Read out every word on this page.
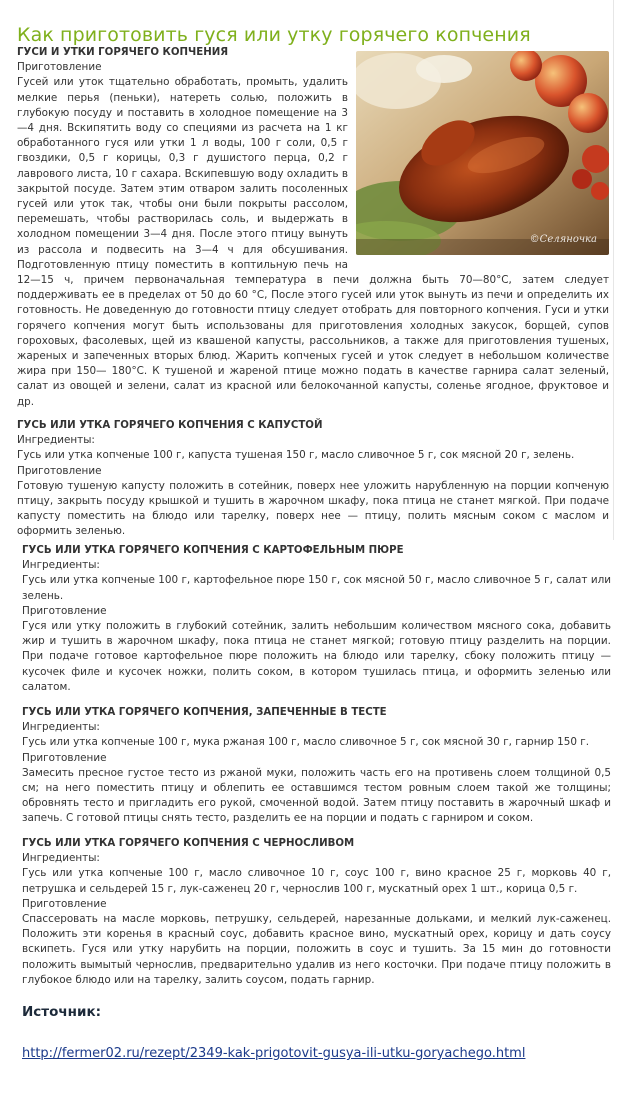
Как приготовить гуся или утку горячего копчения
©Селяночка

ГУСИ И УТКИ ГОРЯЧЕГО КОПЧЕНИЯ

Приготовление

Гусей или уток тщательно обработать, промыть, удалить мелкие перья (пеньки), натереть солью, положить в глубокую посуду и поставить в холодное помещение на 3—4 дня. Вскипятить воду со специями из расчета на 1 кг обработанного гуся или утки 1 л воды, 100 г соли, 0,5 г гвоздики, 0,5 г корицы, 0,3 г душистого перца, 0,2 г лаврового листа, 10 г сахара. Вскипевшую воду охладить в закрытой посуде. Затем этим отваром залить посоленных гусей или уток так, чтобы они были покрыты рассолом, перемешать, чтобы растворилась соль, и выдержать в холодном помещении 3—4 дня. После этого птицу вынуть из рассола и подвесить на 3—4 ч для обсушивания. Подготовленную птицу поместить в коптильную печь на 12—15 ч, причем первоначальная температура в печи должна быть 70—80°С, затем следует поддерживать ее в пределах от 50 до 60 °С, После этого гусей или уток вынуть из печи и определить их готовность. Не доведенную до готовности птицу следует отобрать для повторного копчения. Гуси и утки горячего копчения могут быть использованы для приготовления холодных закусок, борщей, супов гороховых, фасолевых, щей из квашеной капусты, рассольников, а также для приготовления тушеных, жареных и запеченных вторых блюд. Жарить копченых гусей и уток следует в небольшом количестве жира при 150— 180°С. К тушеной и жареной птице можно подать в качестве гарнира салат зеленый, салат из овощей и зелени, салат из красной или белокочанной капусты, соленье ягодное, фруктовое и др.

ГУСЬ ИЛИ УТКА ГОРЯЧЕГО КОПЧЕНИЯ С КАПУСТОЙ

Ингредиенты:

Гусь или утка копченые 100 г, капуста тушеная 150 г, масло сливочное 5 г, сок мясной 20 г, зелень.

Приготовление

Готовую тушеную капусту положить в сотейник, поверх нее уложить нарубленную на порции копченую птицу, закрыть посуду крышкой и тушить в жарочном шкафу, пока птица не станет мягкой. При подаче капусту поместить на блюдо или тарелку, поверх нее — птицу, полить мясным соком с маслом и оформить зеленью.

ГУСЬ ИЛИ УТКА ГОРЯЧЕГО КОПЧЕНИЯ С КАРТОФЕЛЬНЫМ ПЮРЕ

Ингредиенты:

Гусь или утка копченые 100 г, картофельное пюре 150 г, сок мясной 50 г, масло сливочное 5 г, салат или зелень.

Приготовление

Гуся или утку положить в глубокий сотейник, залить небольшим количеством мясного сока, добавить жир и тушить в жарочном шкафу, пока птица не станет мягкой; готовую птицу разделить на порции. При подаче готовое картофельное пюре положить на блюдо или тарелку, сбоку положить птицу — кусочек филе и кусочек ножки, полить соком, в котором тушилась птица, и оформить зеленью или салатом.

ГУСЬ ИЛИ УТКА ГОРЯЧЕГО КОПЧЕНИЯ, ЗАПЕЧЕННЫЕ В ТЕСТЕ

Ингредиенты:

Гусь или утка копченые 100 г, мука ржаная 100 г, масло сливочное 5 г, сок мясной 30 г, гарнир 150 г.

Приготовление

Замесить пресное густое тесто из ржаной муки, положить часть его на противень слоем толщиной 0,5 см; на него поместить птицу и облепить ее оставшимся тестом ровным слоем такой же толщины; обровнять тесто и пригладить его рукой, смоченной водой. Затем птицу поставить в жарочный шкаф и запечь. С готовой птицы снять тесто, разделить ее на порции и подать с гарниром и соком.

ГУСЬ ИЛИ УТКА ГОРЯЧЕГО КОПЧЕНИЯ С ЧЕРНОСЛИВОМ

Ингредиенты:

Гусь или утка копченые 100 г, масло сливочное 10 г, соус 100 г, вино красное 25 г, морковь 40 г, петрушка и сельдерей 15 г, лук-саженец 20 г, чернослив 100 г, мускатный орех 1 шт., корица 0,5 г.

Приготовление

Спассеровать на масле морковь, петрушку, сельдерей, нарезанные дольками, и мелкий лук-саженец. Положить эти коренья в красный соус, добавить красное вино, мускатный орех, корицу и дать соусу вскипеть. Гуся или утку нарубить на порции, положить в соус и тушить. За 15 мин до готовности положить вымытый чернослив, предварительно удалив из него косточки. При подаче птицу положить в глубокое блюдо или на тарелку, залить соусом, подать гарнир.

Источник:
http://fermer02.ru/rezept/2349-kak-prigotovit-gusya-ili-utku-goryachego.html
